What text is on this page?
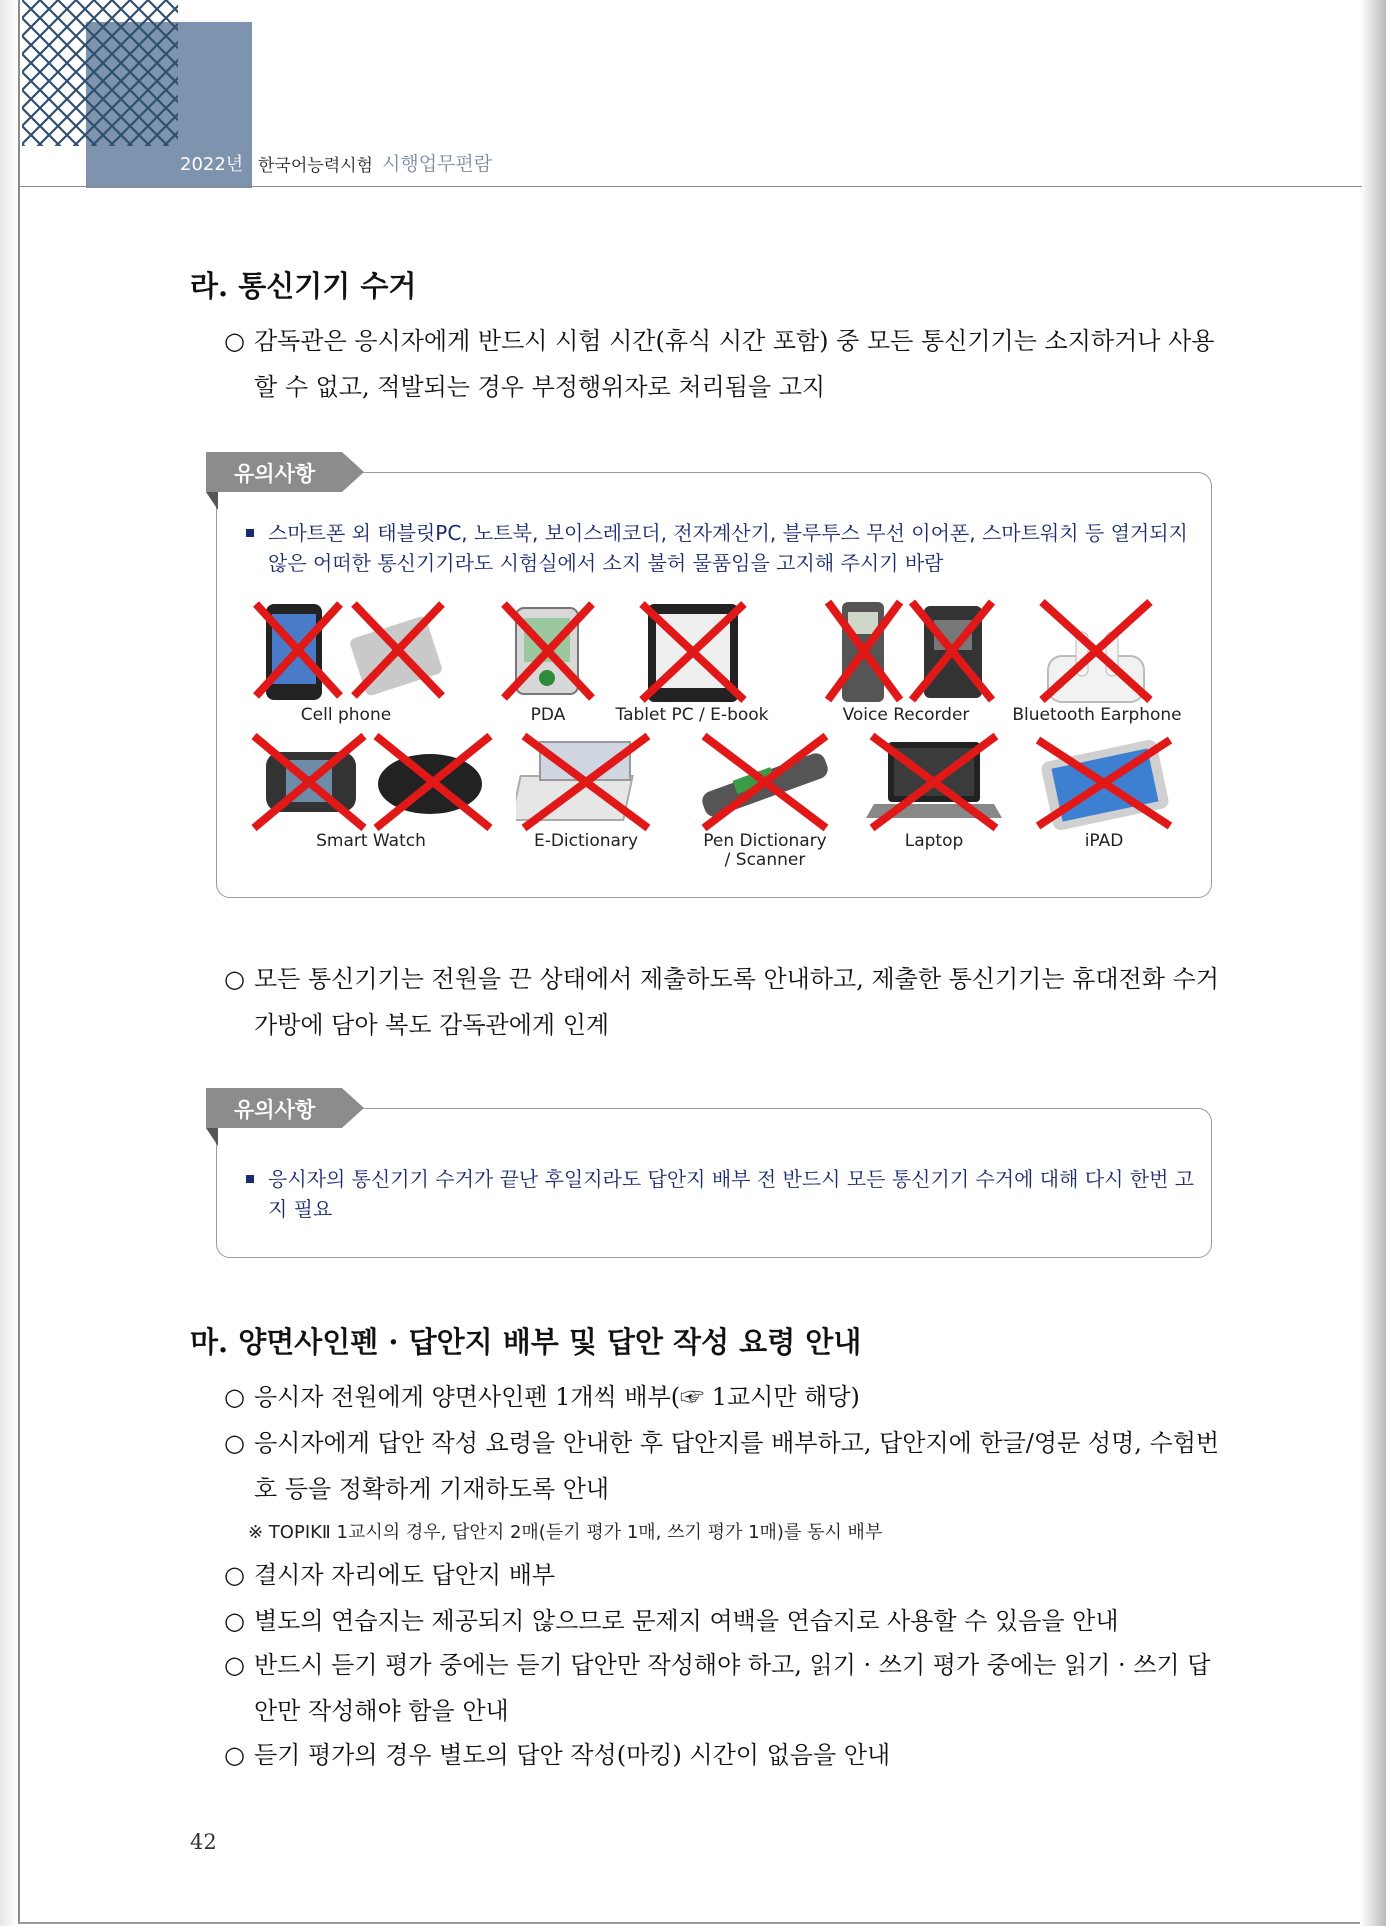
2022년 한국어능력시험 시행업무편람
라. 통신기기 수거
○ 감독관은 응시자에게 반드시 시험 시간(휴식 시간 포함) 중 모든 통신기기는 소지하거나 사용할 수 없고, 적발되는 경우 부정행위자로 처리됨을 고지
유의사항
스마트폰 외 태블릿PC, 노트북, 보이스레코더, 전자계산기, 블루투스 무선 이어폰, 스마트워치 등 열거되지 않은 어떠한 통신기기라도 시험실에서 소지 불허 물품임을 고지해 주시기 바람
Cell phone	PDA	Tablet PC / E-book	Voice Recorder	Bluetooth Earphone
Smart Watch	E-Dictionary	Pen Dictionary
/ Scanner
Laptop	iPAD
○ 모든 통신기기는 전원을 끈 상태에서 제출하도록 안내하고, 제출한 통신기기는 휴대전화 수거가방에 담아 복도 감독관에게 인계
유의사항
응시자의 통신기기 수거가 끝난 후일지라도 답안지 배부 전 반드시 모든 통신기기 수거에 대해 다시 한번 고지 필요
마. 양면사인펜 · 답안지 배부 및 답안 작성 요령 안내
○ 응시자 전원에게 양면사인펜 1개씩 배부(☞ 1교시만 해당)
○ 응시자에게 답안 작성 요령을 안내한 후 답안지를 배부하고, 답안지에 한글/영문 성명, 수험번호 등을 정확하게 기재하도록 안내
※ TOPIKⅡ 1교시의 경우, 답안지 2매(듣기 평가 1매, 쓰기 평가 1매)를 동시 배부
○ 결시자 자리에도 답안지 배부
○ 별도의 연습지는 제공되지 않으므로 문제지 여백을 연습지로 사용할 수 있음을 안내
○ 반드시 듣기 평가 중에는 듣기 답안만 작성해야 하고, 읽기 · 쓰기 평가 중에는 읽기 · 쓰기 답안만 작성해야 함을 안내
○ 듣기 평가의 경우 별도의 답안 작성(마킹) 시간이 없음을 안내
42
